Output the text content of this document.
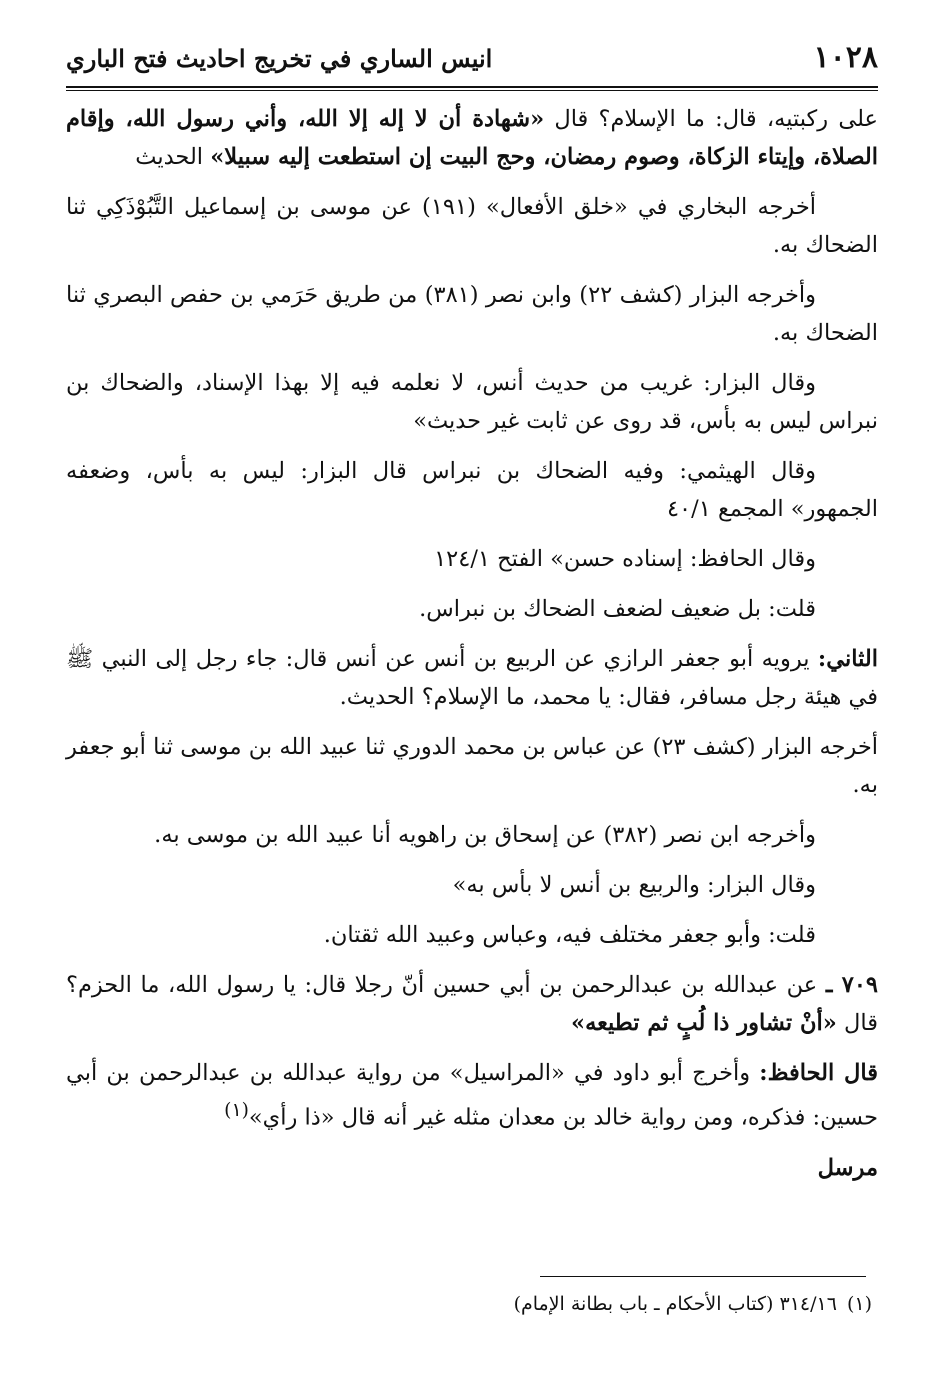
١٠٢٨
انيس الساري في تخريج احاديث فتح الباري

على ركبتيه، قال: ما الإسلام؟ قال «شهادة أن لا إله إلا الله، وأني رسول الله، وإقام الصلاة، وإيتاء الزكاة، وصوم رمضان، وحج البيت إن استطعت إليه سبيلا» الحديث

أخرجه البخاري في «خلق الأفعال» (١٩١) عن موسى بن إسماعيل التَّبُوْذَكِي ثنا الضحاك به.

وأخرجه البزار (كشف ٢٢) وابن نصر (٣٨١) من طريق حَرَمي بن حفص البصري ثنا الضحاك به.

وقال البزار: غريب من حديث أنس، لا نعلمه فيه إلا بهذا الإسناد، والضحاك بن نبراس ليس به بأس، قد روى عن ثابت غير حديث»

وقال الهيثمي: وفيه الضحاك بن نبراس قال البزار: ليس به بأس، وضعفه الجمهور» المجمع ٤٠/١

وقال الحافظ: إسناده حسن» الفتح ١٢٤/١

قلت: بل ضعيف لضعف الضحاك بن نبراس.

الثاني: يرويه أبو جعفر الرازي عن الربيع بن أنس عن أنس قال: جاء رجل إلى النبي ﷺ في هيئة رجل مسافر، فقال: يا محمد، ما الإسلام؟ الحديث.

أخرجه البزار (كشف ٢٣) عن عباس بن محمد الدوري ثنا عبيد الله بن موسى ثنا أبو جعفر به.

وأخرجه ابن نصر (٣٨٢) عن إسحاق بن راهويه أنا عبيد الله بن موسى به.

وقال البزار: والربيع بن أنس لا بأس به»

قلت: وأبو جعفر مختلف فيه، وعباس وعبيد الله ثقتان.

٧٠٩ ـ عن عبدالله بن عبدالرحمن بن أبي حسين أنّ رجلا قال: يا رسول الله، ما الحزم؟ قال «أنْ تشاور ذا لُبٍ ثم تطيعه»

قال الحافظ: وأخرج أبو داود في «المراسيل» من رواية عبدالله بن عبدالرحمن بن أبي حسين: فذكره، ومن رواية خالد بن معدان مثله غير أنه قال «ذا رأي»$^{(١)}$

مرسل

(١)٣١٤/١٦ (كتاب الأحكام ـ باب بطانة الإمام)
